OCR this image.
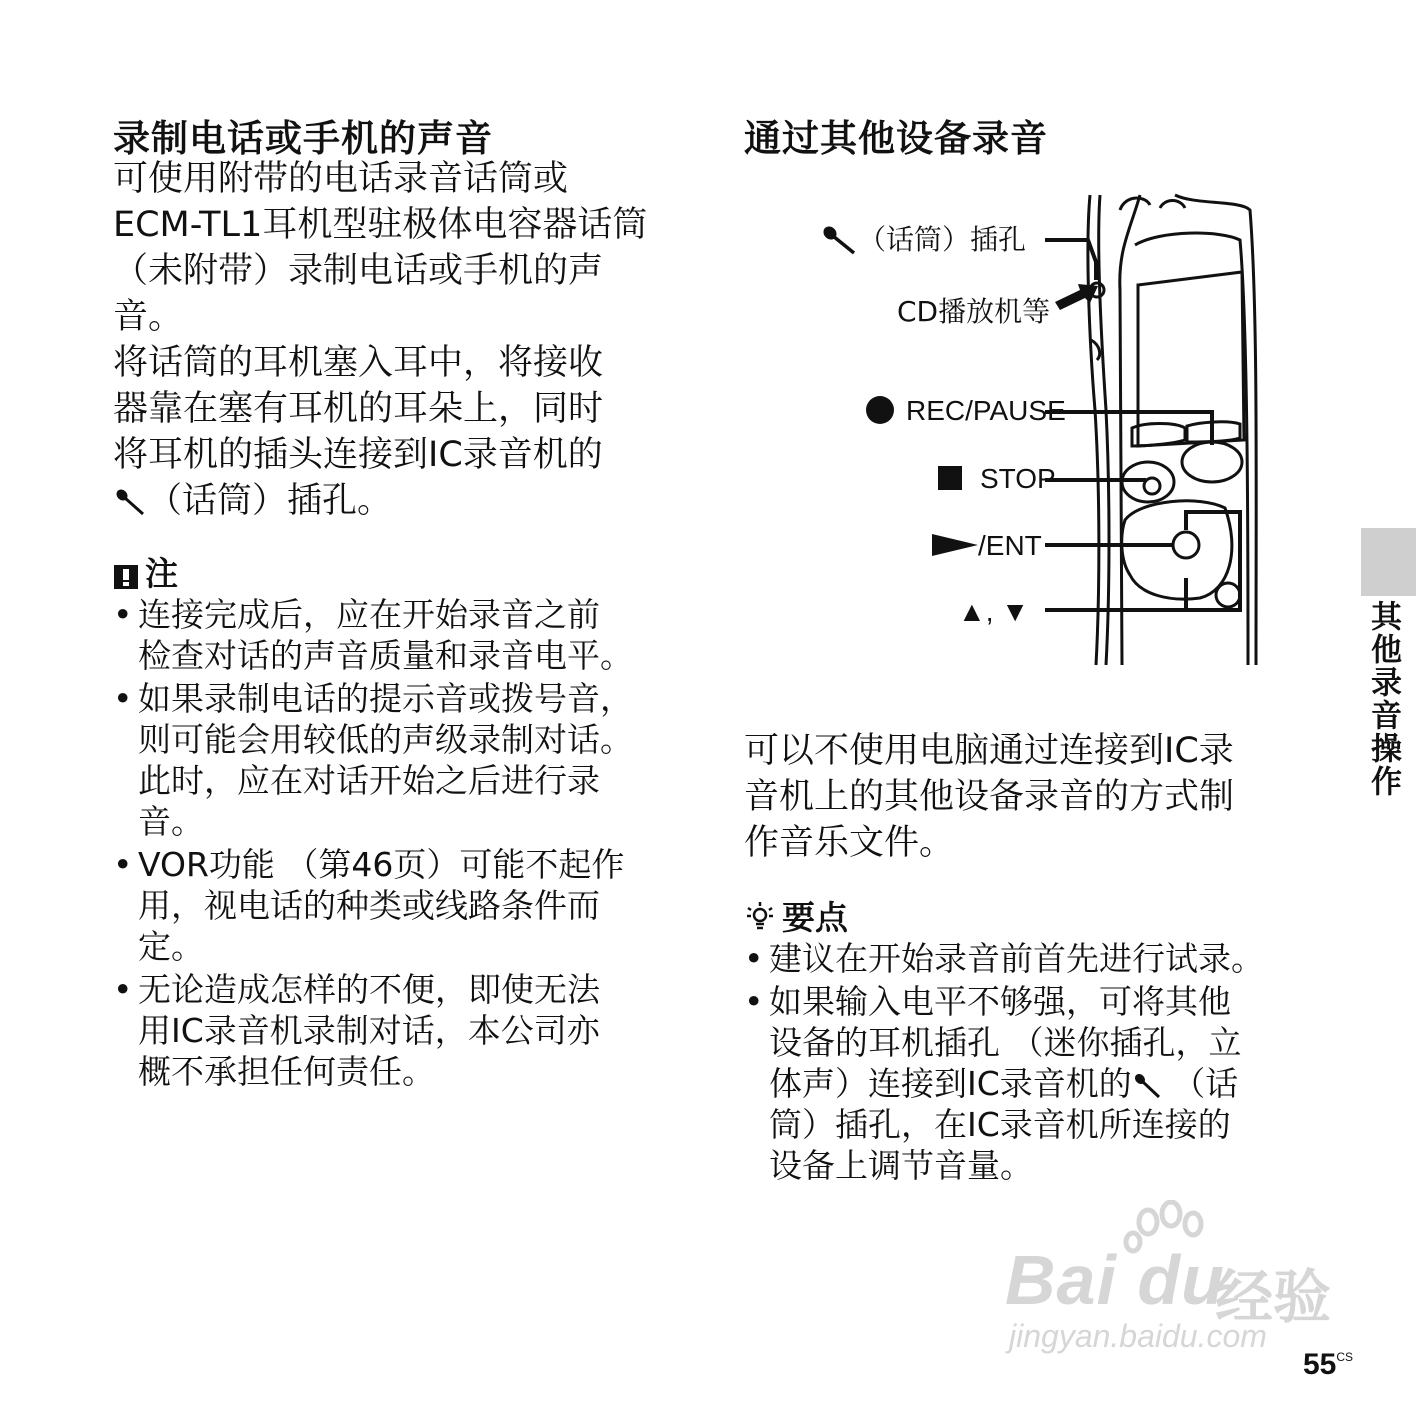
录制电话或手机的声音
可使用附带的电话录音话筒或
ECM-TL1耳机型驻极体电容器话筒
（未附带）录制电话或手机的声
音。
将话筒的耳机塞入耳中，将接收
器靠在塞有耳机的耳朵上，同时
将耳机的插头连接到IC录音机的
（话筒）插孔。
注
• 连接完成后，应在开始录音之前
检查对话的声音质量和录音电平。
• 如果录制电话的提示音或拨号音，
则可能会用较低的声级录制对话。
此时，应在对话开始之后进行录
音。
• VOR功能 （第46页）可能不起作
用，视电话的种类或线路条件而
定。
• 无论造成怎样的不便，即使无法
用IC录音机录制对话，本公司亦
概不承担任何责任。
通过其他设备录音
（话筒）插孔
CD播放机等
REC/PAUSE
STOP
/ENT
▲, ▼
可以不使用电脑通过连接到IC录
音机上的其他设备录音的方式制
作音乐文件。
要点
• 建议在开始录音前首先进行试录。
• 如果输入电平不够强，可将其他
设备的耳机插孔 （迷你插孔，立
体声）连接到IC录音机的 （话
筒）插孔，在IC录音机所连接的
设备上调节音量。
其他录音操作
Bai du
经验
jingyan.baidu.com
$55^{CS}$
